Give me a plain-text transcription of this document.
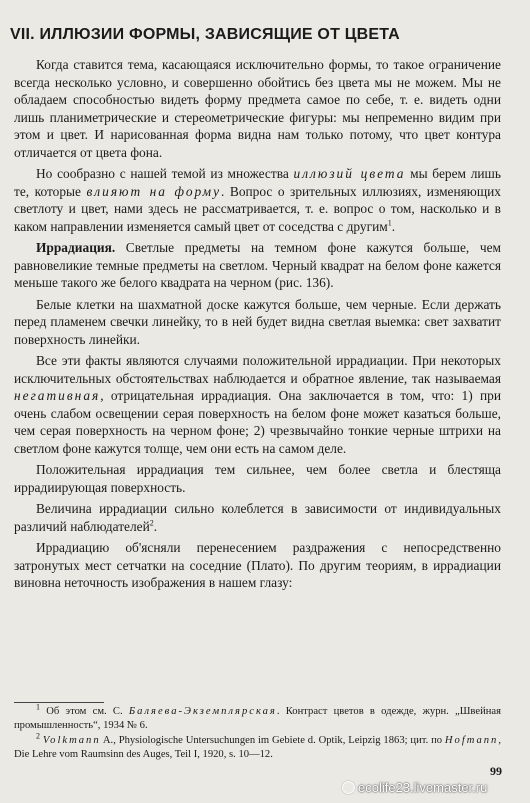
VII. ИЛЛЮЗИИ ФОРМЫ, ЗАВИСЯЩИЕ ОТ ЦВЕТА

Когда ставится тема, касающаяся исключительно формы, то такое ограничение всегда несколько условно, и совершенно обойтись без цвета мы не можем. Мы не обладаем способностью видеть форму предмета самое по себе, т. е. видеть одни лишь планиметрические и стереометрические фигуры: мы непременно видим при этом и цвет. И нарисованная форма видна нам только потому, что цвет контура отличается от цвета фона.

Но сообразно с нашей темой из множества иллюзий цвета мы берем лишь те, которые влияют на форму. Вопрос о зрительных иллюзиях, изменяющих светлоту и цвет, нами здесь не рассматривается, т. е. вопрос о том, насколько и в каком направлении изменяется самый цвет от соседства с другим$^1$.

Иррадиация. Светлые предметы на темном фоне кажутся больше, чем равновеликие темные предметы на светлом. Черный квадрат на белом фоне кажется меньше такого же белого квадрата на черном (рис. 136).

Белые клетки на шахматной доске кажутся больше, чем черные. Если держать перед пламенем свечки линейку, то в ней будет видна светлая выемка: свет захватит поверхность линейки.

Все эти факты являются случаями положительной иррадиации. При некоторых исключительных обстоятельствах наблюдается и обратное явление, так называемая негативная, отрицательная иррадиация. Она заключается в том, что: 1) при очень слабом освещении серая поверхность на белом фоне может казаться больше, чем серая поверхность на черном фоне; 2) чрезвычайно тонкие черные штрихи на светлом фоне кажутся толще, чем они есть на самом деле.

Положительная иррадиация тем сильнее, чем более светла и блестяща иррадиирующая поверхность.

Величина иррадиации сильно колеблется в зависимости от индивидуальных различий наблюдателей$^2$.

Иррадиацию об'ясняли перенесением раздражения с непосредственно затронутых мест сетчатки на соседние (Плато). По другим теориям, в иррадиации виновна неточность изображения в нашем глазу:

$^1$ Об этом см. С. Баляева-Экземплярская. Контраст цветов в одежде, журн. „Швейная промышленность“, 1934 № 6.

$^2$ Volkmann A., Physiologische Untersuchungen im Gebiete d. Optik, Leipzig 1863; цит. по Hofmann, Die Lehre vom Raumsinn des Auges, Teil I, 1920, s. 10—12.

99
ecolife23.livemaster.ru
